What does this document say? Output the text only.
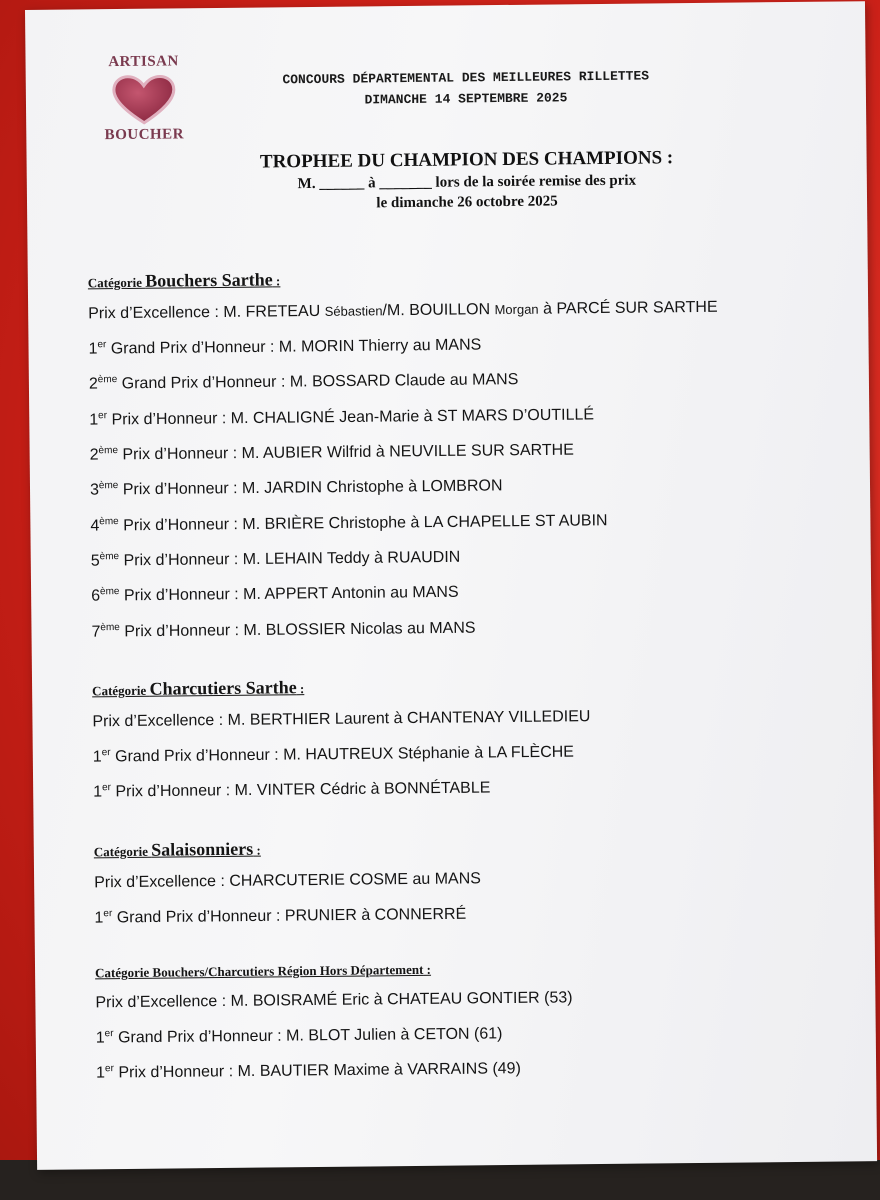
ARTISAN
BOUCHER
CONCOURS DÉPARTEMENTAL DES MEILLEURES RILLETTES
DIMANCHE 14 SEPTEMBRE 2025
TROPHEE DU CHAMPION DES CHAMPIONS :
M. ______ à _______ lors de la soirée remise des prix
le dimanche 26 octobre 2025
Catégorie Bouchers Sarthe :
Prix d’Excellence : M. FRETEAU Sébastien/M. BOUILLON Morgan à PARCÉ SUR SARTHE
1er Grand Prix d’Honneur : M. MORIN Thierry au MANS
2ème Grand Prix d’Honneur : M. BOSSARD Claude au MANS
1er Prix d’Honneur : M. CHALIGNÉ Jean-Marie à ST MARS D’OUTILLÉ
2ème Prix d’Honneur : M. AUBIER Wilfrid à NEUVILLE SUR SARTHE
3ème Prix d’Honneur : M. JARDIN Christophe à LOMBRON
4ème Prix d’Honneur : M. BRIÈRE Christophe à LA CHAPELLE ST AUBIN
5ème Prix d’Honneur : M. LEHAIN Teddy à RUAUDIN
6ème Prix d’Honneur : M. APPERT Antonin au MANS
7ème Prix d’Honneur : M. BLOSSIER Nicolas au MANS
Catégorie Charcutiers Sarthe :
Prix d’Excellence : M. BERTHIER Laurent à CHANTENAY VILLEDIEU
1er Grand Prix d’Honneur : M. HAUTREUX Stéphanie à LA FLÈCHE
1er Prix d’Honneur : M. VINTER Cédric à BONNÉTABLE
Catégorie Salaisonniers :
Prix d’Excellence : CHARCUTERIE COSME au MANS
1er Grand Prix d’Honneur : PRUNIER à CONNERRÉ
Catégorie Bouchers/Charcutiers Région Hors Département :
Prix d’Excellence : M. BOISRAMÉ Eric à CHATEAU GONTIER (53)
1er Grand Prix d’Honneur : M. BLOT Julien à CETON (61)
1er Prix d’Honneur : M. BAUTIER Maxime à VARRAINS (49)
